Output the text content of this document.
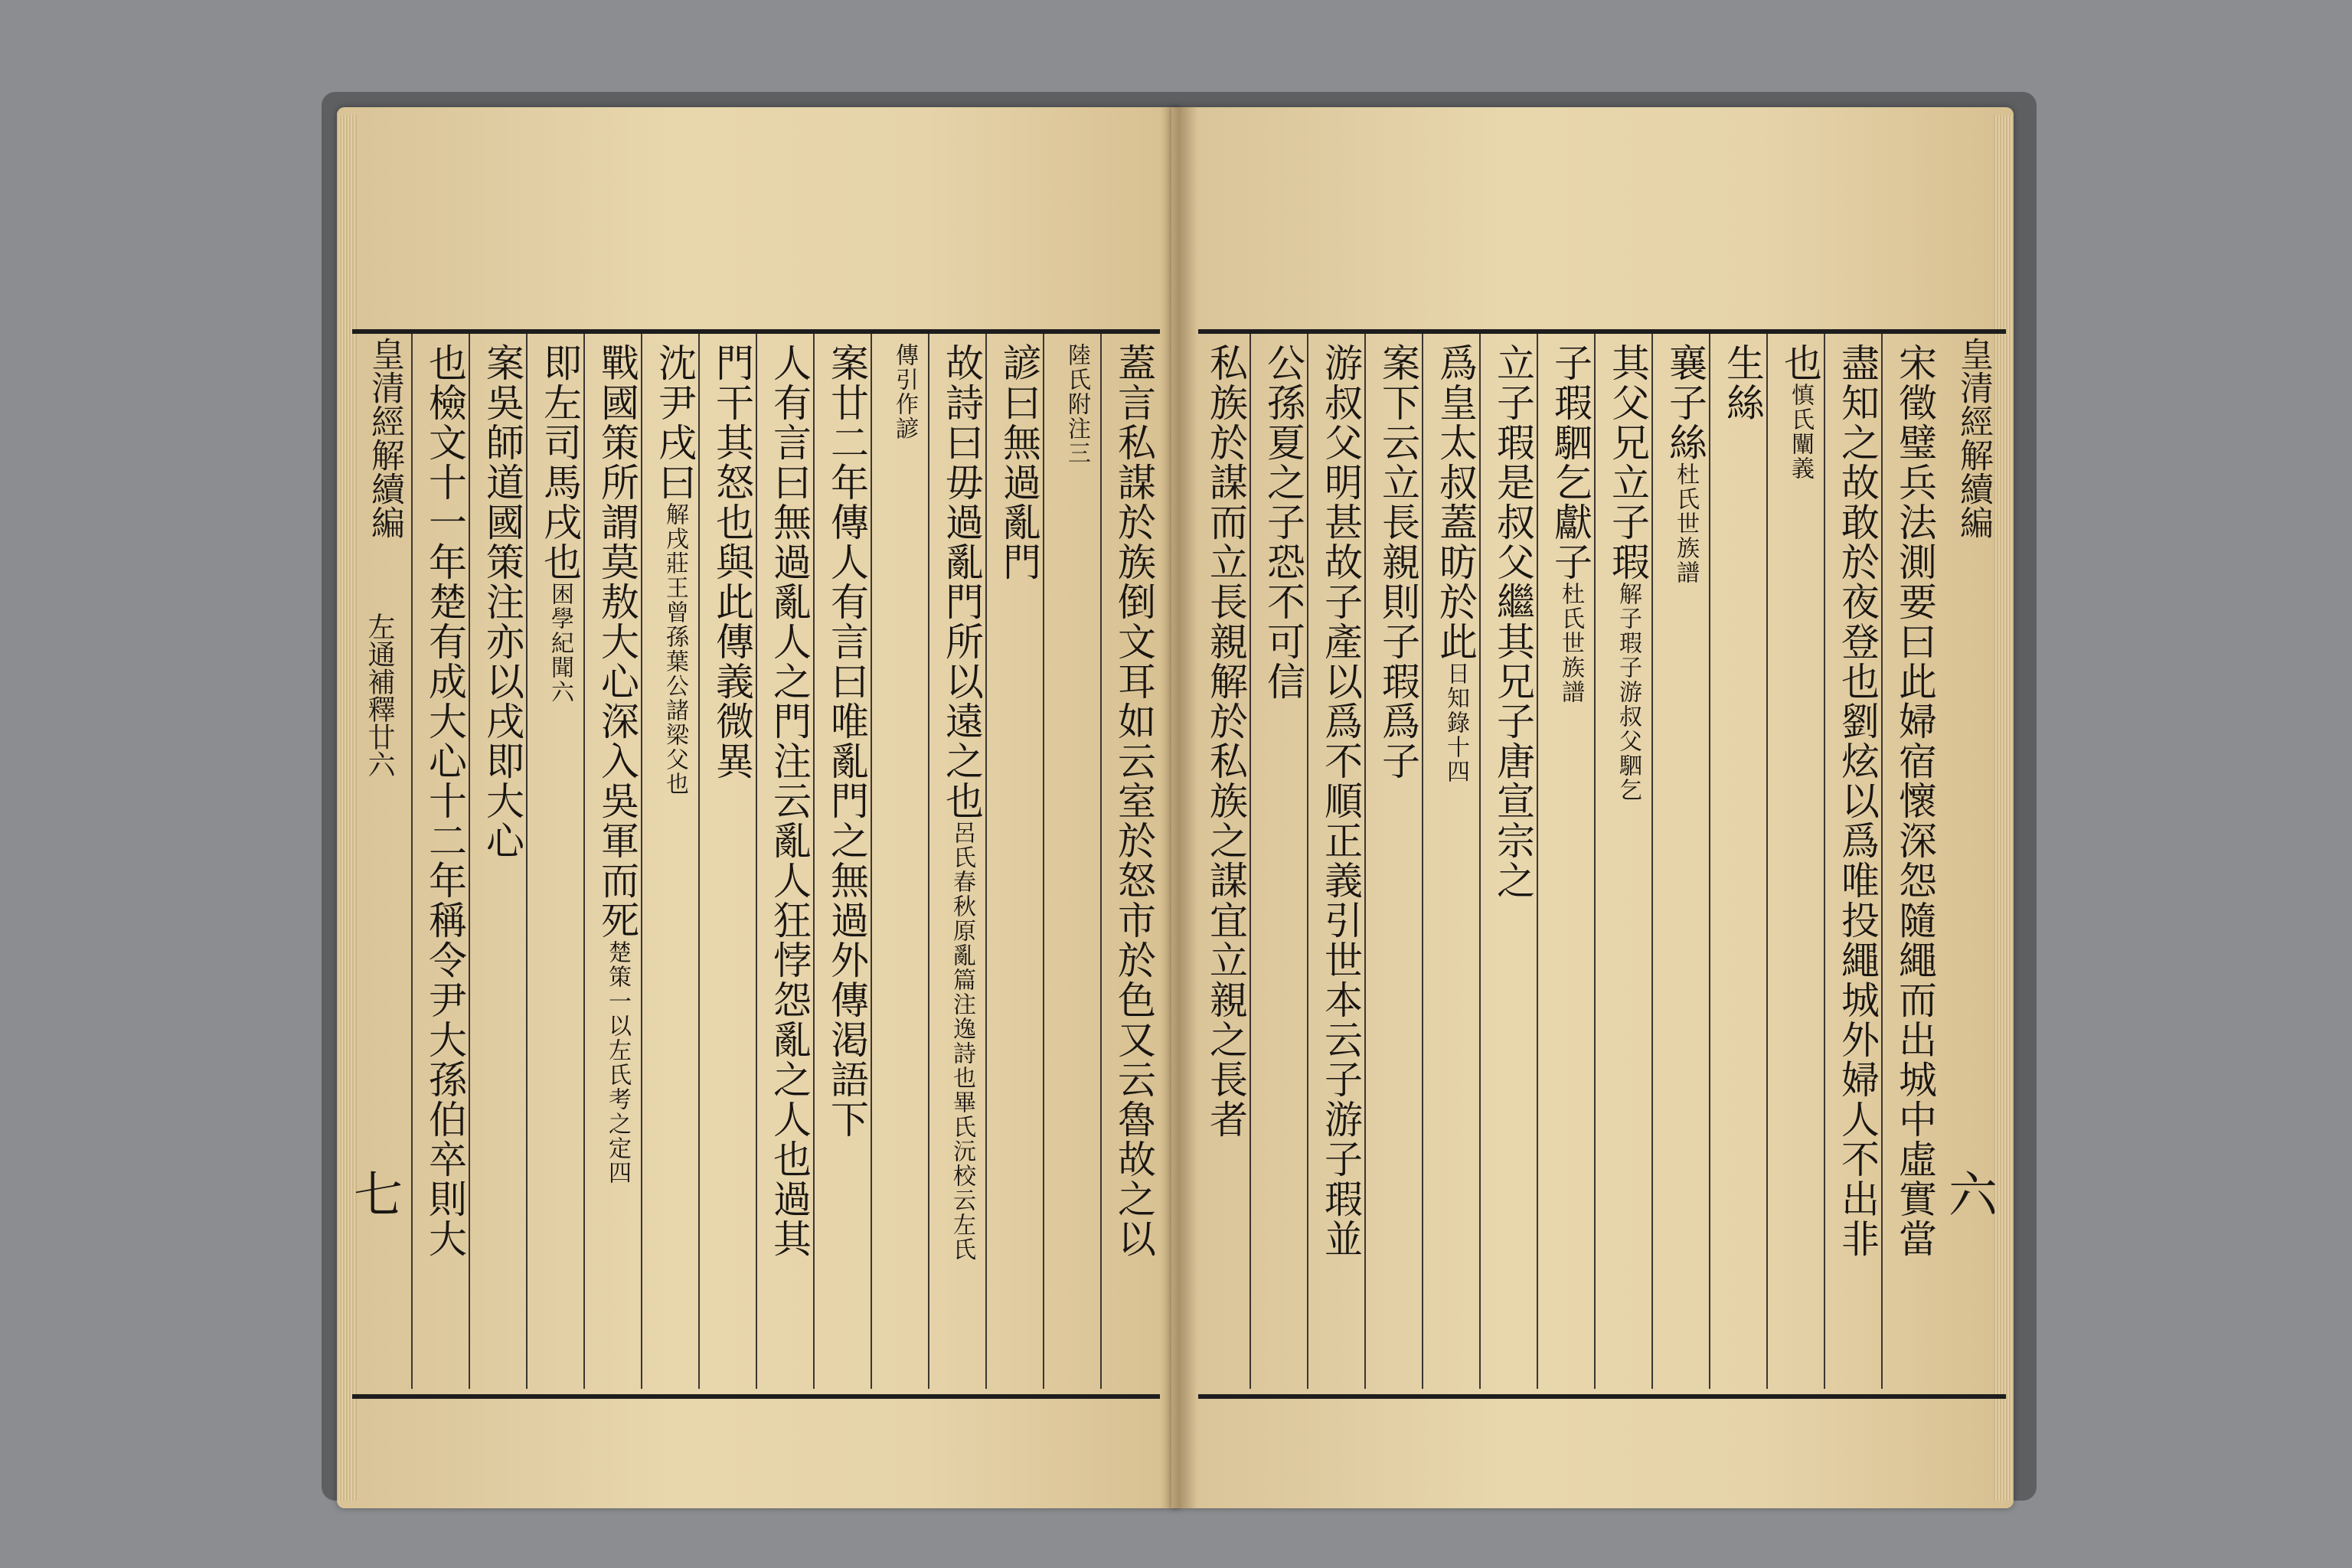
皇清經解續編
左通補釋廿六
七
皇清經解續編
六
蓋言私謀於族倒文耳如云室於怒市於色又云魯故之以
陸氏附注三
諺曰無過亂門
故詩曰毋過亂門所以遠之也呂氏春秋原亂篇注逸詩也畢氏沅校云左氏
傳引作諺
案廿二年傳人有言曰唯亂門之無過外傳渇語下
人有言曰無過亂人之門注云亂人狂悖怨亂之人也過其
門干其怒也與此傳義微異
沈尹戌曰解戌莊王曾孫葉公諸梁父也
戰國策所謂莫敖大心深入吳軍而死楚策一以左氏考之定四
即左司馬戌也困學紀聞六
案吳師道國策注亦以戌即大心
也檢文十一年楚有成大心十二年稱令尹大孫伯卒則大	宋徵璧兵法測要曰此婦宿懷深怨隨繩而出城中虛實當
盡知之故敢於夜登也劉炫以爲唯投繩城外婦人不出非
也慎氏闡義
生絲
襄子絲杜氏世族譜
其父兄立子瑕解子瑕子游叔父駟乞
子瑕駟乞獻子杜氏世族譜
立子瑕是叔父繼其兄子唐宣宗之
爲皇太叔蓋昉於此日知錄十四
案下云立長親則子瑕爲子
游叔父明甚故子產以爲不順正義引世本云子游子瑕並
公孫夏之子恐不可信
私族於謀而立長親解於私族之謀宜立親之長者
